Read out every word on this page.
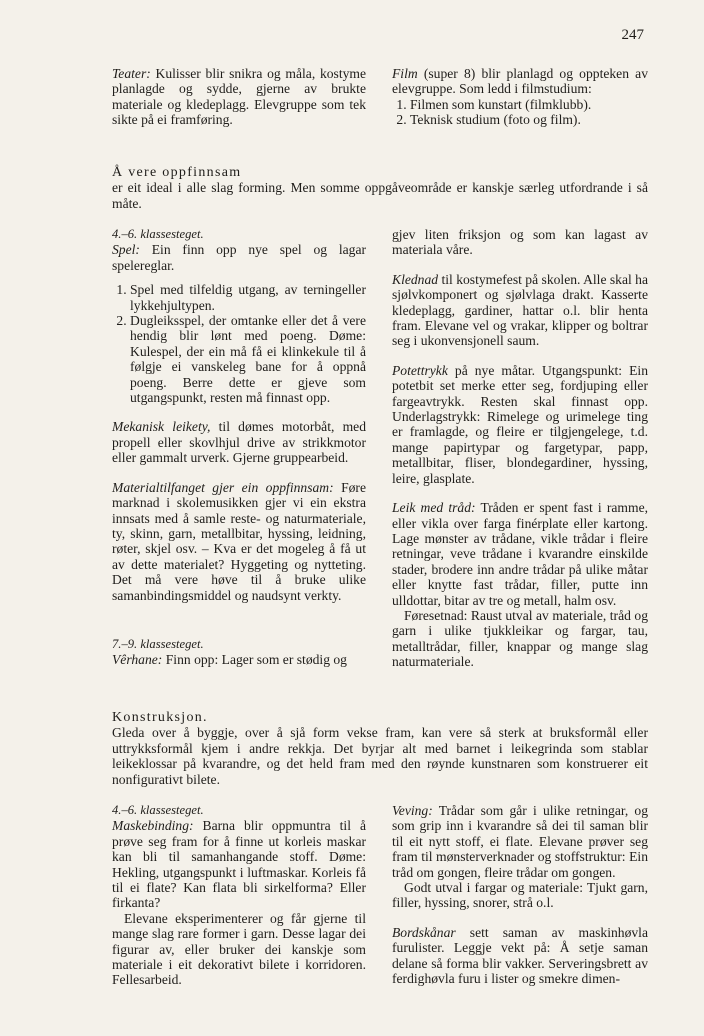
247

Teater: Kulisser blir snikra og måla, kostyme planlagde og sydde, gjerne av brukte materiale og kledeplagg. Elevgruppe som tek sikte på ei framføring.

Film (super 8) blir planlagd og oppteken av elevgruppe. Som ledd i filmstudium:

1. Filmen som kunstart (filmklubb).
2. Teknisk studium (foto og film).

Å vere oppfinnsam

er eit ideal i alle slag forming. Men somme oppgåveområde er kanskje særleg utfordrande i så måte.

4.–6. klassesteget.

Spel: Ein finn opp nye spel og lagar spelereglar.

1. Spel med tilfeldig utgang, av terningeller lykkehjultypen.
2. Dugleiksspel, der omtanke eller det å vere hendig blir lønt med poeng. Døme: Kulespel, der ein må få ei klinkekule til å følgje ei vanskeleg bane for å oppnå poeng. Berre dette er gjeve som utgangspunkt, resten må finnast opp.

Mekanisk leikety, til dømes motorbåt, med propell eller skovlhjul drive av strikkmotor eller gammalt urverk. Gjerne gruppearbeid.

Materialtilfanget gjer ein oppfinnsam: Føre marknad i skolemusikken gjer vi ein ekstra innsats med å samle reste- og naturmateriale, ty, skinn, garn, metallbitar, hyssing, leidning, røter, skjel osv. – Kva er det mogeleg å få ut av dette materialet? Hyggeting og nytteting. Det må vere høve til å bruke ulike samanbindingsmiddel og naudsynt verkty.

7.–9. klassesteget.

Vêrhane: Finn opp: Lager som er stødig og

gjev liten friksjon og som kan lagast av materiala våre.

Klednad til kostymefest på skolen. Alle skal ha sjølvkomponert og sjølvlaga drakt. Kasserte kledeplagg, gardiner, hattar o.l. blir henta fram. Elevane vel og vrakar, klipper og boltrar seg i ukonvensjonell saum.

Potettrykk på nye måtar. Utgangspunkt: Ein potetbit set merke etter seg, fordjuping eller fargeavtrykk. Resten skal finnast opp. Underlagstrykk: Rimelege og urimelege ting er framlagde, og fleire er tilgjengelege, t.d. mange papirtypar og fargetypar, papp, metallbitar, fliser, blondegardiner, hyssing, leire, glasplate.

Leik med tråd: Tråden er spent fast i ramme, eller vikla over farga finérplate eller kartong. Lage mønster av trådane, vikle trådar i fleire retningar, veve trådane i kvarandre einskilde stader, brodere inn andre trådar på ulike måtar eller knytte fast trådar, filler, putte inn ulldottar, bitar av tre og metall, halm osv.

Føresetnad: Raust utval av materiale, tråd og garn i ulike tjukkleikar og fargar, tau, metalltrådar, filler, knappar og mange slag naturmateriale.

Konstruksjon.

Gleda over å byggje, over å sjå form vekse fram, kan vere så sterk at bruksformål eller uttrykksformål kjem i andre rekkja. Det byrjar alt med barnet i leikegrinda som stablar leikeklossar på kvarandre, og det held fram med den røynde kunstnaren som konstruerer eit nonfigurativt bilete.

4.–6. klassesteget.

Maskebinding: Barna blir oppmuntra til å prøve seg fram for å finne ut korleis maskar kan bli til samanhangande stoff. Døme: Hekling, utgangspunkt i luftmaskar. Korleis få til ei flate? Kan flata bli sirkelforma? Eller firkanta?

Elevane eksperimenterer og får gjerne til mange slag rare former i garn. Desse lagar dei figurar av, eller bruker dei kanskje som materiale i eit dekorativt bilete i korridoren. Fellesarbeid.

Veving: Trådar som går i ulike retningar, og som grip inn i kvarandre så dei til saman blir til eit nytt stoff, ei flate. Elevane prøver seg fram til mønsterverknader og stoffstruktur: Ein tråd om gongen, fleire trådar om gongen.

Godt utval i fargar og materiale: Tjukt garn, filler, hyssing, snorer, strå o.l.

Bordskånar sett saman av maskinhøvla furulister. Leggje vekt på: Å setje saman delane så forma blir vakker. Serveringsbrett av ferdighøvla furu i lister og smekre dimen-
